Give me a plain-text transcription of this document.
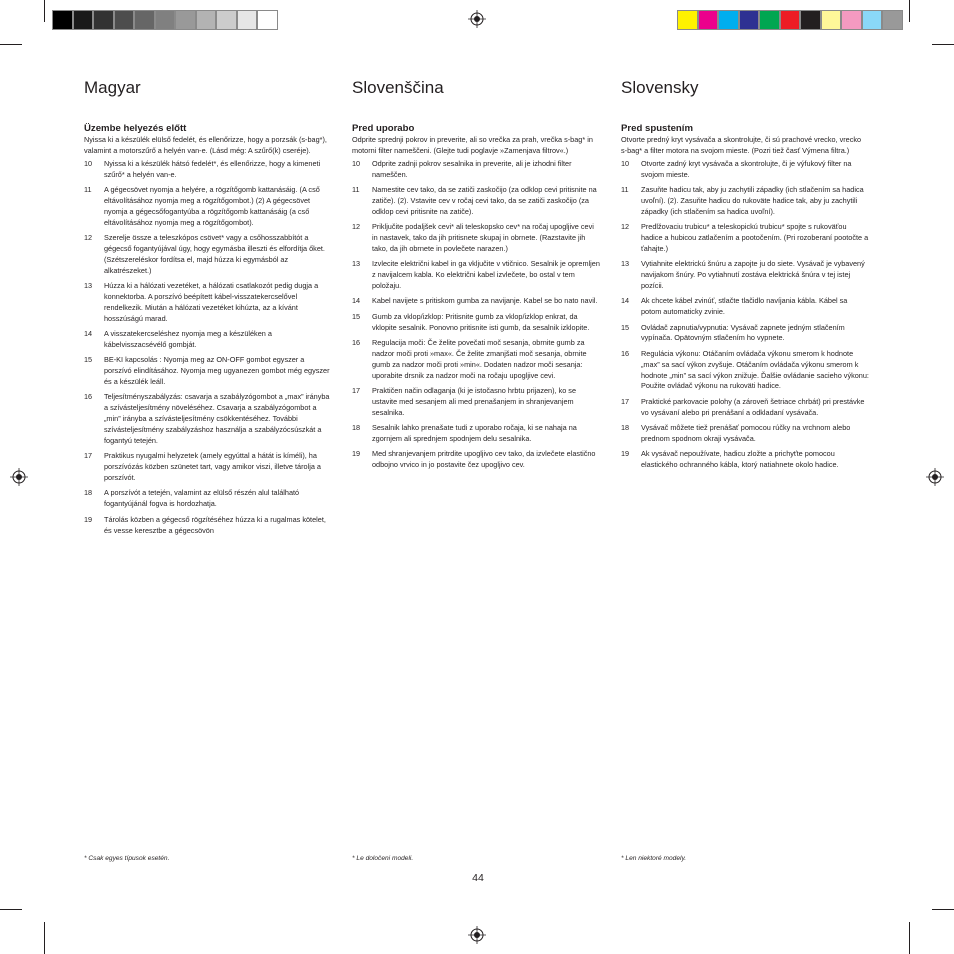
Magyar
Üzembe helyezés előtt

Nyissa ki a készülék elülső fedelét, és ellenőrizze, hogy a porzsák (s-bag*), valamint a motorszűrő a helyén van-e. (Lásd még: A szűrő(k) cseréje).

10	Nyissa ki a készülék hátsó fedelét*, és ellenőrizze, hogy a kimeneti szűrő* a helyén van-e.
11	A gégecsövet nyomja a helyére, a rögzítőgomb kattanásáig. (A cső eltávolításához nyomja meg a rögzítőgombot.) (2) A gégecsövet nyomja a gégecsőfogantyúba a rögzítőgomb kattanásáig (a cső eltávolításához nyomja meg a rögzítőgombot).
12	Szerelje össze a teleszkópos csövet* vagy a csőhosszabbítót a gégecső fogantyújával úgy, hogy egymásba illeszti és elfordítja őket. (Szétszereléskor fordítsa el, majd húzza ki egymásból az alkatrészeket.)
13	Húzza ki a hálózati vezetéket, a hálózati csatlakozót pedig dugja a konnektorba. A porszívó beépített kábel-visszatekercselővel rendelkezik. Miután a hálózati vezetéket kihúzta, az a kívánt hosszúságú marad.
14	A visszatekercseléshez nyomja meg a készüléken a kábelvisszacsévélő gombját.
15	BE-KI kapcsolás : Nyomja meg az ON-OFF gombot egyszer a porszívó elindításához. Nyomja meg ugyanezen gombot még egyszer és a készülék leáll.
16	Teljesítményszabályzás: csavarja a szabályzógombot a „max” irányba a szívásteljesítmény növeléséhez. Csavarja a szabályzógombot a „min” irányba a szívásteljesítmény csökkentéséhez. További szívásteljesítmény szabályzáshoz használja a szabályzócsúszkát a fogantyú tetején.
17	Praktikus nyugalmi helyzetek (amely egyúttal a hátát is kíméli), ha porszívózás közben szünetet tart, vagy amikor viszi, illetve tárolja a porszívót.
18	A porszívót a tetején, valamint az elülső részén alul található fogantyújánál fogva is hordozhatja.
19	Tárolás közben a gégecső rögzítéséhez húzza ki a rugalmas kötelet, és vesse keresztbe a gégecsövön
Slovenščina
Pred uporabo

Odprite sprednji pokrov in preverite, ali so vrečka za prah, vrečka s-bag* in motorni filter nameščeni. (Glejte tudi poglavje »Zamenjava filtrov«.)

10	Odprite zadnji pokrov sesalnika in preverite, ali je izhodni filter nameščen.
11	Namestite cev tako, da se zatiči zaskočijo (za odklop cevi pritisnite na zatiče). (2). Vstavite cev v ročaj cevi tako, da se zatiči zaskočijo (za odklop cevi pritisnite na zatiče).
12	Priključite podaljšek cevi* ali teleskopsko cev* na ročaj upogljive cevi in nastavek, tako da jih pritisnete skupaj in obrnete. (Razstavite jih tako, da jih obrnete in povlečete narazen.)
13	Izvlecite električni kabel in ga vključite v vtičnico. Sesalnik je opremljen z navijalcem kabla. Ko električni kabel izvlečete, bo ostal v tem položaju.
14	Kabel navijete s pritiskom gumba za navijanje. Kabel se bo nato navil.
15	Gumb za vklop/izklop: Pritisnite gumb za vklop/izklop enkrat, da vklopite sesalnik. Ponovno pritisnite isti gumb, da sesalnik izklopite.
16	Regulacija moči: Če želite povečati moč sesanja, obrnite gumb za nadzor moči proti »max«. Če želite zmanjšati moč sesanja, obrnite gumb za nadzor moči proti »min«. Dodaten nadzor moči sesanja: uporabite drsnik za nadzor moči na ročaju upogljive cevi.
17	Praktičen način odlaganja (ki je istočasno hrbtu prijazen), ko se ustavite med sesanjem ali med prenašanjem in shranjevanjem sesalnika.
18	Sesalnik lahko prenašate tudi z uporabo ročaja, ki se nahaja na zgornjem ali sprednjem spodnjem delu sesalnika.
19	Med shranjevanjem pritrdite upogljivo cev tako, da izvlečete elastično odbojno vrvico in jo postavite čez upogljivo cev.
Slovensky
Pred spustením

Otvorte predný kryt vysávača a skontrolujte, či sú prachové vrecko, vrecko s-bag* a filter motora na svojom mieste. (Pozri tiež časť Výmena filtra.)

10	Otvorte zadný kryt vysávača a skontrolujte, či je výfukový filter na svojom mieste.
11	Zasuňte hadicu tak, aby ju zachytili západky (ich stlačením sa hadica uvoľní). (2). Zasuňte hadicu do rukoväte hadice tak, aby ju zachytili západky (ich stlačením sa hadica uvoľní).
12	Predlžovaciu trubicu* a teleskopickú trubicu* spojte s rukoväťou hadice a hubicou zatlačením a pootočením. (Pri rozoberaní pootočte a ťahajte.)
13	Vytiahnite elektrickú šnúru a zapojte ju do siete. Vysávač je vybavený navijakom šnúry. Po vytiahnutí zostáva elektrická šnúra v tej istej pozícii.
14	Ak chcete kábel zvinúť, stlačte tlačidlo navíjania kábla. Kábel sa potom automaticky zvinie.
15	Ovládač zapnutia/vypnutia: Vysávač zapnete jedným stlačením vypínača. Opätovným stlačením ho vypnete.
16	Regulácia výkonu: Otáčaním ovládača výkonu smerom k hodnote „max” sa sací výkon zvyšuje. Otáčaním ovládača výkonu smerom k hodnote „min” sa sací výkon znižuje. Ďalšie ovládanie sacieho výkonu: Použite ovládač výkonu na rukoväti hadice.
17	Praktické parkovacie polohy (a zároveň šetriace chrbát) pri prestávke vo vysávaní alebo pri prenášaní a odkladaní vysávača.
18	Vysávač môžete tiež prenášať pomocou rúčky na vrchnom alebo prednom spodnom okraji vysávača.
19	Ak vysávač nepoužívate, hadicu zložte a prichyťte pomocou elastického ochranného kábla, ktorý natiahnete okolo hadice.
* Csak egyes típusok esetén.	* Le določeni modeli.	* Len niektoré modely.
44
